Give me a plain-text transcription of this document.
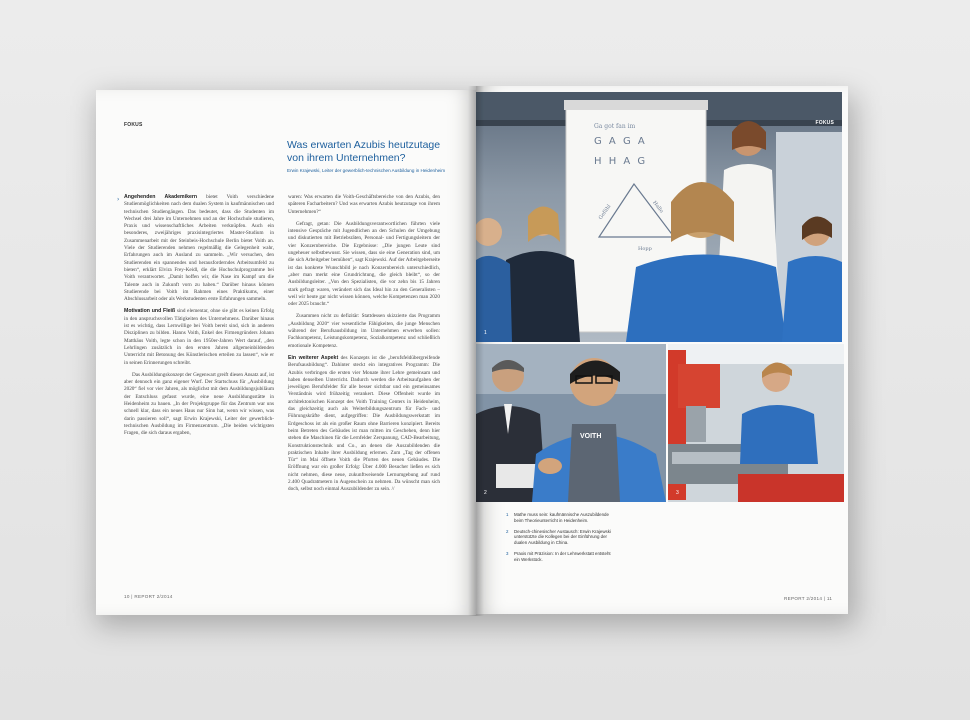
FOKUS
Was erwarten Azubis heutzutage von ihrem Unternehmen?
Erwin Krajewski, Leiter der gewerblich-technischen Ausbildung in Heidenheim
› Angehenden Akademikern bietet Voith verschiedene Studienmöglichkeiten nach dem dualen System in kaufmännischen und technischen Studiengängen. Das bedeutet, dass die Studenten im Wechsel drei Jahre im Unternehmen und an der Hochschule studieren, Praxis und wissenschaftliches Arbeiten verknüpfen. Auch ein besonderes, zweijähriges praxisintegriertes Master-Studium in Zusammenarbeit mit der Steinbeis-Hochschule Berlin bietet Voith an. Viele der Studierenden nehmen regelmäßig die Gelegenheit wahr, Erfahrungen auch im Ausland zu sammeln. „Wir versuchen, den Studierenden ein spannendes und herausforderndes Arbeitsumfeld zu bieten“, erklärt Elvira Frey-Keidl, die die Hochschulprogramme bei Voith verantwortet. „Damit hoffen wir, die Nase im Kampf um die Talente auch in Zukunft vorn zu haben.“ Darüber hinaus können Studierende bei Voith im Rahmen eines Praktikums, einer Abschlussarbeit oder als Werkstudenten erste Erfahrungen sammeln.

Motivation und Fleiß sind elementar, ohne sie gibt es keinen Erfolg in den anspruchsvollen Tätigkeiten des Unternehmens. Darüber hinaus ist es wichtig, dass Lernwillige bei Voith bereit sind, sich in anderen Disziplinen zu bilden. Hanns Voith, Enkel des Firmengründers Johann Matthäus Voith, legte schon in den 1950er-Jahren Wert darauf, „den Lehrlingen zusätzlich in den ersten Jahren allgemeinbildenden Unterricht mit Betonung des Künstlerischen erteilen zu lassen“, wie er in seinen Erinnerungen schreibt.

Das Ausbildungskonzept der Gegenwart greift diesen Ansatz auf, ist aber dennoch ein ganz eigener Wurf. Der Startschuss für „Ausbildung 2020“ fiel vor vier Jahren, als möglichst mit dem Ausbildungsjubiläum der Entschluss gefasst wurde, eine neue Ausbildungsstätte in Heidenheim zu bauen. „In der Projektgruppe für das Zentrum war uns schnell klar, dass ein neues Haus nur Sinn hat, wenn wir wissen, was darin passieren soll“, sagt Erwin Krajewski, Leiter der gewerblich-technischen Ausbildung im Firmenzentrum. „Die beiden wichtigsten Fragen, die sich daraus ergaben,

waren: Was erwarten die Voith-Geschäftsbereiche von den Azubis, den späteren Facharbeitern? Und was erwarten Azubis heutzutage von ihrem Unternehmen?“

Gefragt, getan: Die Ausbildungsverantwortlichen führten viele intensive Gespräche mit Jugendlichen an den Schulen der Umgebung und diskutierten mit Betriebsräten, Personal- und Fertigungsleitern der vier Konzernbereiche. Die Ergebnisse: „Die jungen Leute sind ungeheuer selbstbewusst. Sie wissen, dass sie eine Generation sind, um die sich Arbeitgeber bemühen“, sagt Krajewski. Auf der Arbeitgeberseite ist das konkrete Wunschbild je nach Konzernbereich unterschiedlich, „aber man merkt eine Grundrichtung, die gleich bleibt“, so der Ausbildungsleiter. „Von den Spezialisten, die vor zehn bis 15 Jahren stark gefragt waren, verändert sich das Ideal hin zu den Generalisten – weil wir heute gar nicht wissen können, welche Kompetenzen man 2020 oder 2025 braucht.“

Zusammen nicht zu defizitär: Stattdessen skizzierte das Programm „Ausbildung 2020“ vier wesentliche Fähigkeiten, die junge Menschen während der Berufsausbildung im Unternehmen erwerben sollen: Fachkompetenz, Leistungskompetenz, Sozialkompetenz und schließlich emotionale Kompetenz.

Ein weiterer Aspekt des Konzepts ist die „berufsfeldübergreifende Berufsausbildung“. Dahinter steckt ein integratives Programm: Die Azubis verbringen die ersten vier Monate ihrer Lehre gemeinsam und haben denselben Unterricht. Dadurch werden die Arbeitsaufgaben der jeweiligen Berufsfelder für alle besser sichtbar und ein gemeinsames Verständnis wird frühzeitig verankert. Diese Offenheit wurde im architektonischen Konzept des Voith Training Centers in Heidenheim, das gleichzeitig auch als Weiterbildungszentrum für Fach- und Führungskräfte dient, aufgegriffen: Die Ausbildungswerkstatt im Erdgeschoss ist als ein großer Raum ohne Barrieren konzipiert. Bereits beim Betreten des Gebäudes ist man mitten im Geschehen, denn hier stehen die Maschinen für die Lernfelder Zerspanung, CAD-Bearbeitung, Konstruktionstechnik und Co., an denen die Auszubildenden die praktischen Inhalte ihrer Ausbildung erlernen. Zum „Tag der offenen Tür“ im Mai öffnete Voith die Pforten des neuen Gebäudes. Die Eröffnung war ein großer Erfolg: Über 4.000 Besucher ließen es sich nicht nehmen, diese neue, zukunftweisende Lernumgebung auf rund 2.400 Quadratmetern in Augenschein zu nehmen. Da wünscht man sich doch, selbst noch einmal Auszubildender zu sein. //

10 | REPORT 2/2014
Ga got fan im
G A G A
H H A G
Gefühl	Hallo
Hopp
FOKUS
1
VOITH
2	3
1 Mathe muss sein: kaufmännische Auszubildende beim Theorieunterricht in Heidenheim.
2 Deutsch-chinesischer Austausch: Erwin Krajewski unterstützte die Kollegen bei der Einführung der dualen Ausbildung in China.
3 Praxis mit Präzision: In der Lehrwerkstatt entsteht ein Werkstück.
REPORT 2/2014 | 11
